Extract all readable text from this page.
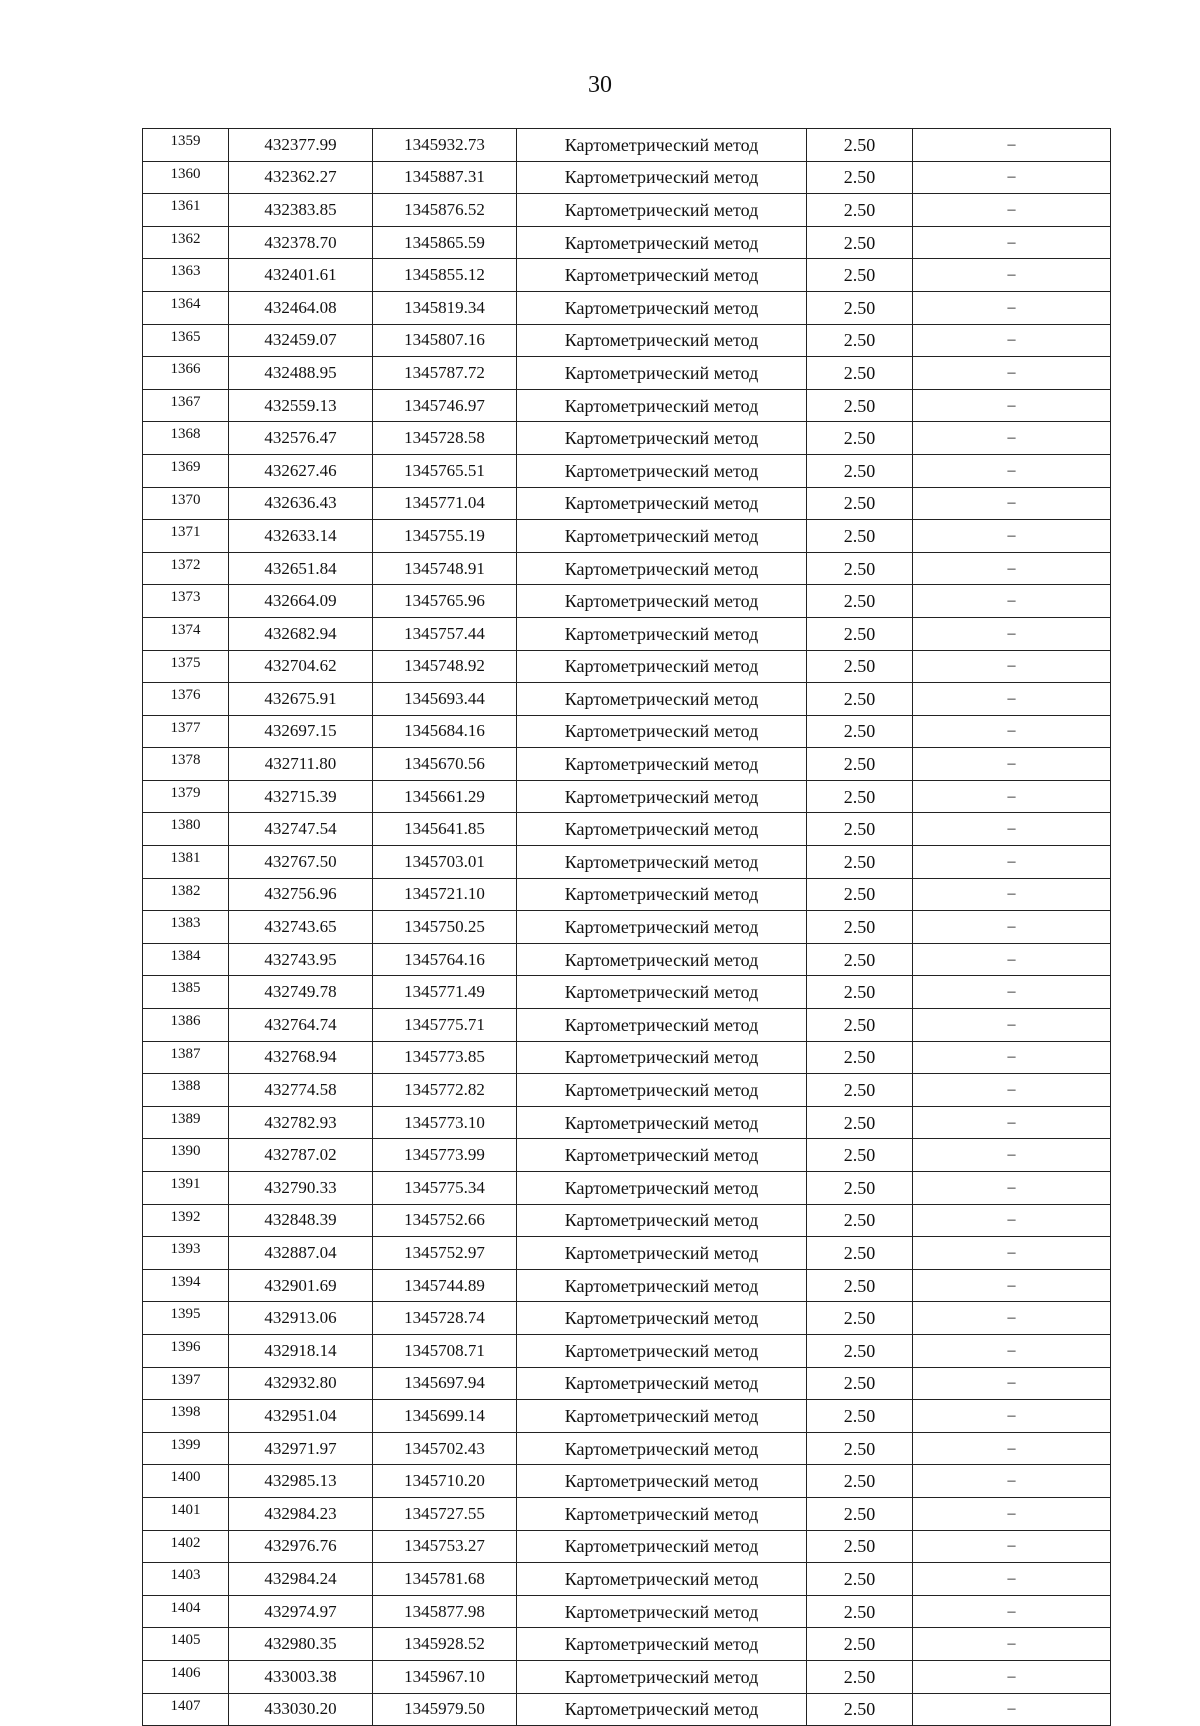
30
1359	432377.99	1345932.73	Картометрический метод	2.50	–
1360	432362.27	1345887.31	Картометрический метод	2.50	–
1361	432383.85	1345876.52	Картометрический метод	2.50	–
1362	432378.70	1345865.59	Картометрический метод	2.50	–
1363	432401.61	1345855.12	Картометрический метод	2.50	–
1364	432464.08	1345819.34	Картометрический метод	2.50	–
1365	432459.07	1345807.16	Картометрический метод	2.50	–
1366	432488.95	1345787.72	Картометрический метод	2.50	–
1367	432559.13	1345746.97	Картометрический метод	2.50	–
1368	432576.47	1345728.58	Картометрический метод	2.50	–
1369	432627.46	1345765.51	Картометрический метод	2.50	–
1370	432636.43	1345771.04	Картометрический метод	2.50	–
1371	432633.14	1345755.19	Картометрический метод	2.50	–
1372	432651.84	1345748.91	Картометрический метод	2.50	–
1373	432664.09	1345765.96	Картометрический метод	2.50	–
1374	432682.94	1345757.44	Картометрический метод	2.50	–
1375	432704.62	1345748.92	Картометрический метод	2.50	–
1376	432675.91	1345693.44	Картометрический метод	2.50	–
1377	432697.15	1345684.16	Картометрический метод	2.50	–
1378	432711.80	1345670.56	Картометрический метод	2.50	–
1379	432715.39	1345661.29	Картометрический метод	2.50	–
1380	432747.54	1345641.85	Картометрический метод	2.50	–
1381	432767.50	1345703.01	Картометрический метод	2.50	–
1382	432756.96	1345721.10	Картометрический метод	2.50	–
1383	432743.65	1345750.25	Картометрический метод	2.50	–
1384	432743.95	1345764.16	Картометрический метод	2.50	–
1385	432749.78	1345771.49	Картометрический метод	2.50	–
1386	432764.74	1345775.71	Картометрический метод	2.50	–
1387	432768.94	1345773.85	Картометрический метод	2.50	–
1388	432774.58	1345772.82	Картометрический метод	2.50	–
1389	432782.93	1345773.10	Картометрический метод	2.50	–
1390	432787.02	1345773.99	Картометрический метод	2.50	–
1391	432790.33	1345775.34	Картометрический метод	2.50	–
1392	432848.39	1345752.66	Картометрический метод	2.50	–
1393	432887.04	1345752.97	Картометрический метод	2.50	–
1394	432901.69	1345744.89	Картометрический метод	2.50	–
1395	432913.06	1345728.74	Картометрический метод	2.50	–
1396	432918.14	1345708.71	Картометрический метод	2.50	–
1397	432932.80	1345697.94	Картометрический метод	2.50	–
1398	432951.04	1345699.14	Картометрический метод	2.50	–
1399	432971.97	1345702.43	Картометрический метод	2.50	–
1400	432985.13	1345710.20	Картометрический метод	2.50	–
1401	432984.23	1345727.55	Картометрический метод	2.50	–
1402	432976.76	1345753.27	Картометрический метод	2.50	–
1403	432984.24	1345781.68	Картометрический метод	2.50	–
1404	432974.97	1345877.98	Картометрический метод	2.50	–
1405	432980.35	1345928.52	Картометрический метод	2.50	–
1406	433003.38	1345967.10	Картометрический метод	2.50	–
1407	433030.20	1345979.50	Картометрический метод	2.50	–
